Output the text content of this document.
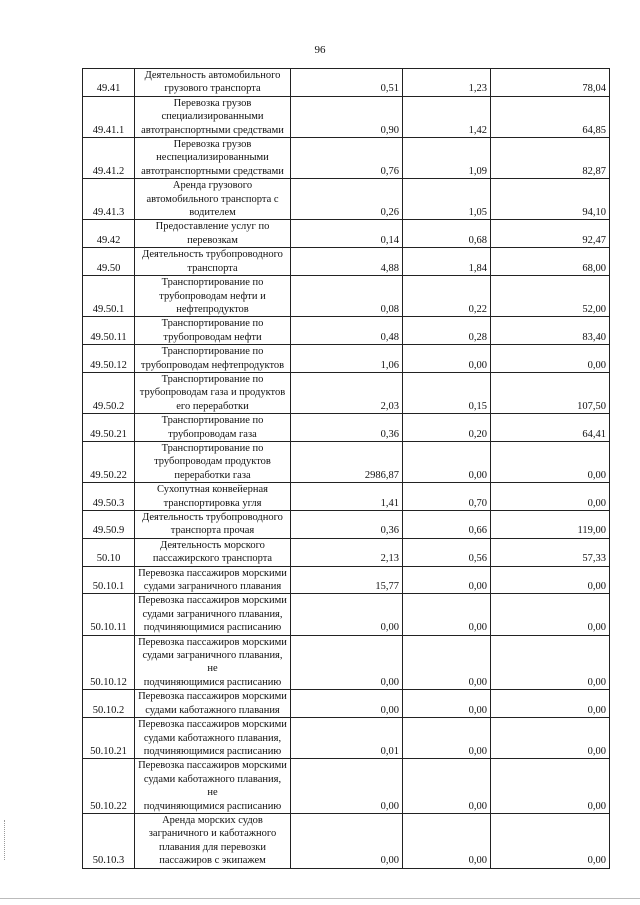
96
49.41	Деятельность автомобильного
грузового транспорта	0,51	1,23	78,04
49.41.1	Перевозка грузов
специализированными
автотранспортными средствами	0,90	1,42	64,85
49.41.2	Перевозка грузов
неспециализированными
автотранспортными средствами	0,76	1,09	82,87
49.41.3	Аренда грузового
автомобильного транспорта с
водителем	0,26	1,05	94,10
49.42	Предоставление услуг по
перевозкам	0,14	0,68	92,47
49.50	Деятельность трубопроводного
транспорта	4,88	1,84	68,00
49.50.1	Транспортирование по
трубопроводам нефти и
нефтепродуктов	0,08	0,22	52,00
49.50.11	Транспортирование по
трубопроводам нефти	0,48	0,28	83,40
49.50.12	Транспортирование по
трубопроводам нефтепродуктов	1,06	0,00	0,00
49.50.2	Транспортирование по
трубопроводам газа и продуктов
его переработки	2,03	0,15	107,50
49.50.21	Транспортирование по
трубопроводам газа	0,36	0,20	64,41
49.50.22	Транспортирование по
трубопроводам продуктов
переработки газа	2986,87	0,00	0,00
49.50.3	Сухопутная конвейерная
транспортировка угля	1,41	0,70	0,00
49.50.9	Деятельность трубопроводного
транспорта прочая	0,36	0,66	119,00
50.10	Деятельность морского
пассажирского транспорта	2,13	0,56	57,33
50.10.1	Перевозка пассажиров морскими
судами заграничного плавания	15,77	0,00	0,00
50.10.11	Перевозка пассажиров морскими
судами заграничного плавания,
подчиняющимися расписанию	0,00	0,00	0,00
50.10.12	Перевозка пассажиров морскими
судами заграничного плавания, не
подчиняющимися расписанию	0,00	0,00	0,00
50.10.2	Перевозка пассажиров морскими
судами каботажного плавания	0,00	0,00	0,00
50.10.21	Перевозка пассажиров морскими
судами каботажного плавания,
подчиняющимися расписанию	0,01	0,00	0,00
50.10.22	Перевозка пассажиров морскими
судами каботажного плавания, не
подчиняющимися расписанию	0,00	0,00	0,00
50.10.3	Аренда морских судов
заграничного и каботажного
плавания для перевозки
пассажиров с экипажем	0,00	0,00	0,00
